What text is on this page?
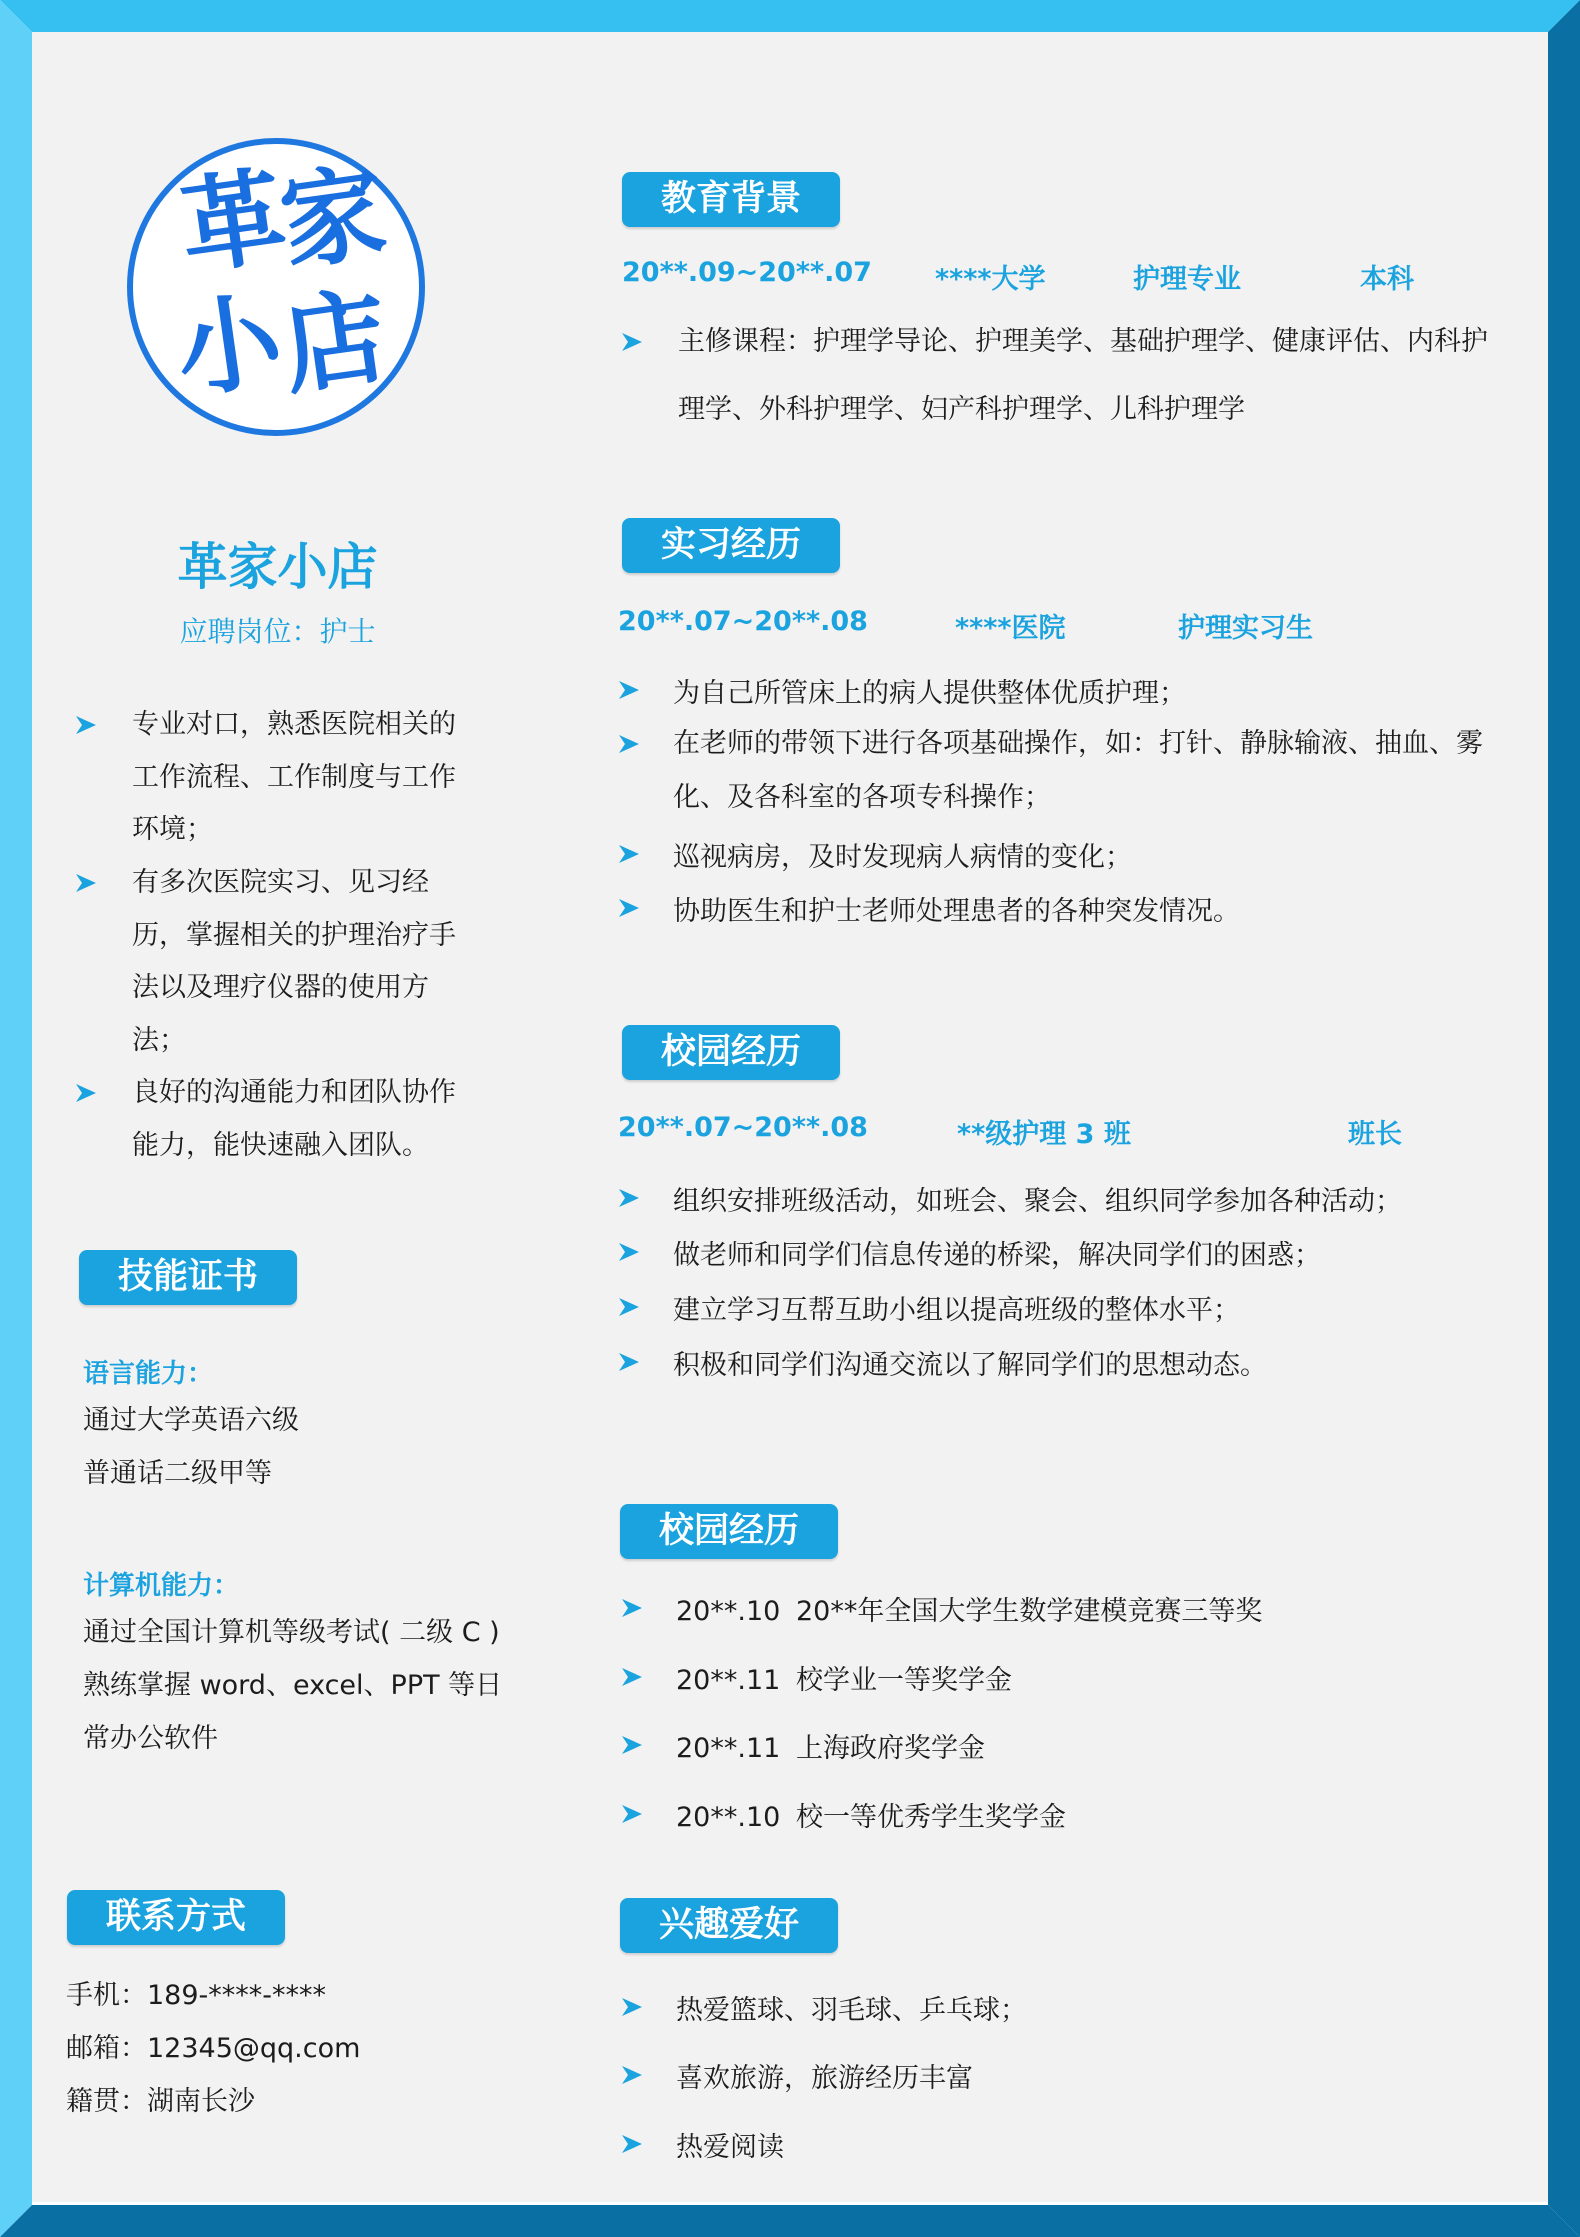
革
家
小
店
革家小店
应聘岗位：护士
专业对口，熟悉医院相关的工作流程、工作制度与工作环境；
有多次医院实习、见习经历，掌握相关的护理治疗手法以及理疗仪器的使用方法；
良好的沟通能力和团队协作能力，能快速融入团队。
技能证书
语言能力：
通过大学英语六级
普通话二级甲等
计算机能力：
通过全国计算机等级考试( 二级 C )
熟练掌握 word、excel、PPT 等日常办公软件
联系方式
手机：189-****-****
邮箱：12345@qq.com
籍贯：湖南长沙
教育背景
20**.09~20**.07 ****大学	护理专业	本科
主修课程：护理学导论、护理美学、基础护理学、健康评估、内科护理学、外科护理学、妇产科护理学、儿科护理学
实习经历
20**.07~20**.08	****医院	护理实习生
为自己所管床上的病人提供整体优质护理；
在老师的带领下进行各项基础操作，如：打针、静脉输液、抽血、雾化、及各科室的各项专科操作；
巡视病房，及时发现病人病情的变化；
协助医生和护士老师处理患者的各种突发情况。
校园经历
20**.07~20**.08	**级护理 3 班	班长
组织安排班级活动，如班会、聚会、组织同学参加各种活动；
做老师和同学们信息传递的桥梁，解决同学们的困惑；
建立学习互帮互助小组以提高班级的整体水平；
积极和同学们沟通交流以了解同学们的思想动态。
校园经历
20**.10 20**年全国大学生数学建模竞赛三等奖
20**.11 校学业一等奖学金
20**.11 上海政府奖学金
20**.10 校一等优秀学生奖学金
兴趣爱好
热爱篮球、羽毛球、乒乓球；
喜欢旅游，旅游经历丰富
热爱阅读
